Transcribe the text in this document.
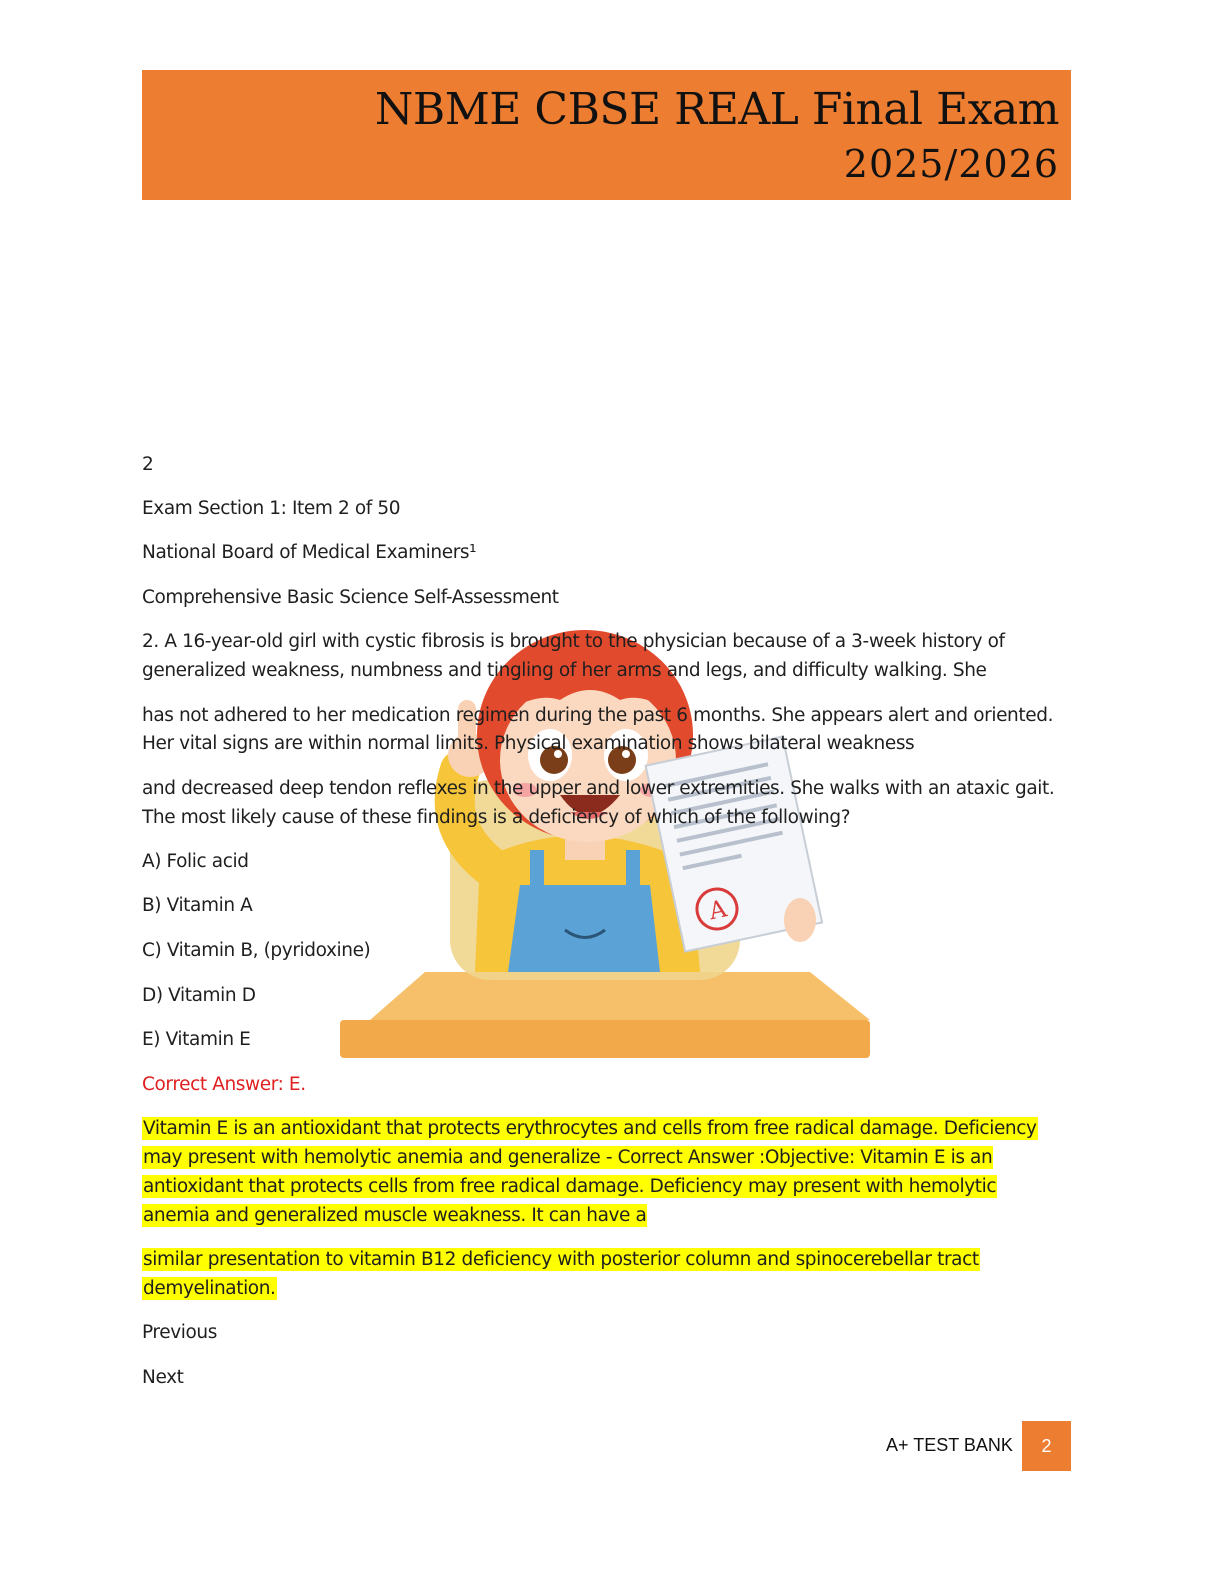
NBME CBSE REAL Final Exam
2025/2026
A
2
Exam Section 1: Item 2 of 50
National Board of Medical Examiners¹
Comprehensive Basic Science Self-Assessment
2. A 16-year-old girl with cystic fibrosis is brought to the physician because of a 3-week history of
generalized weakness, numbness and tingling of her arms and legs, and difficulty walking. She
has not adhered to her medication regimen during the past 6 months. She appears alert and oriented.
Her vital signs are within normal limits. Physical examination shows bilateral weakness
and decreased deep tendon reflexes in the upper and lower extremities. She walks with an ataxic gait.
The most likely cause of these findings is a deficiency of which of the following?
A) Folic acid
B) Vitamin A
C) Vitamin B, (pyridoxine)
D) Vitamin D
E) Vitamin E
Correct Answer: E.
Vitamin E is an antioxidant that protects erythrocytes and cells from free radical damage. Deficiency
may present with hemolytic anemia and generalize - Correct Answer :Objective: Vitamin E is an
antioxidant that protects cells from free radical damage. Deficiency may present with hemolytic
anemia and generalized muscle weakness. It can have a
similar presentation to vitamin B12 deficiency with posterior column and spinocerebellar tract
demyelination.
Previous
Next
A+ TEST BANK 2
